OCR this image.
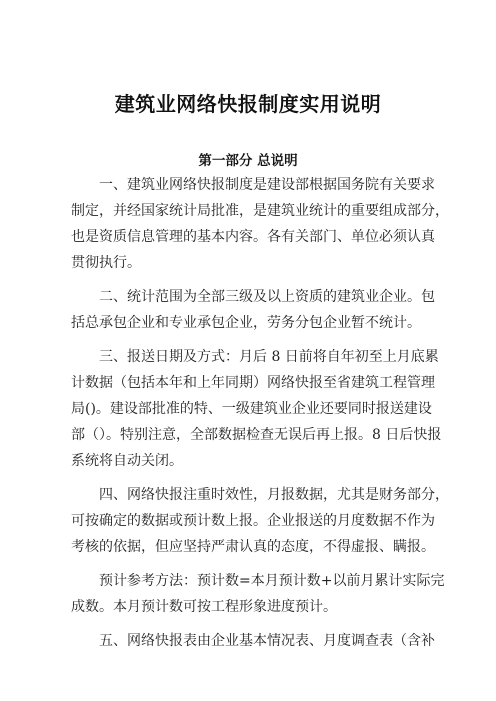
建筑业网络快报制度实用说明
第一部分 总说明
一、建筑业网络快报制度是建设部根据国务院有关要求
制定，并经国家统计局批准，是建筑业统计的重要组成部分，
也是资质信息管理的基本内容。各有关部门、单位必须认真
贯彻执行。
二、统计范围为全部三级及以上资质的建筑业企业。包
括总承包企业和专业承包企业，劳务分包企业暂不统计。
三、报送日期及方式：月后 8 日前将自年初至上月底累
计数据（包括本年和上年同期）网络快报至省建筑工程管理
局()。建设部批准的特、一级建筑业企业还要同时报送建设
部（）。特别注意，全部数据检查无误后再上报。8 日后快报
系统将自动关闭。
四、网络快报注重时效性，月报数据，尤其是财务部分，
可按确定的数据或预计数上报。企业报送的月度数据不作为
考核的依据，但应坚持严肃认真的态度，不得虚报、瞒报。
预计参考方法：预计数=本月预计数+以前月累计实际完
成数。本月预计数可按工程形象进度预计。
五、网络快报表由企业基本情况表、月度调查表（含补
